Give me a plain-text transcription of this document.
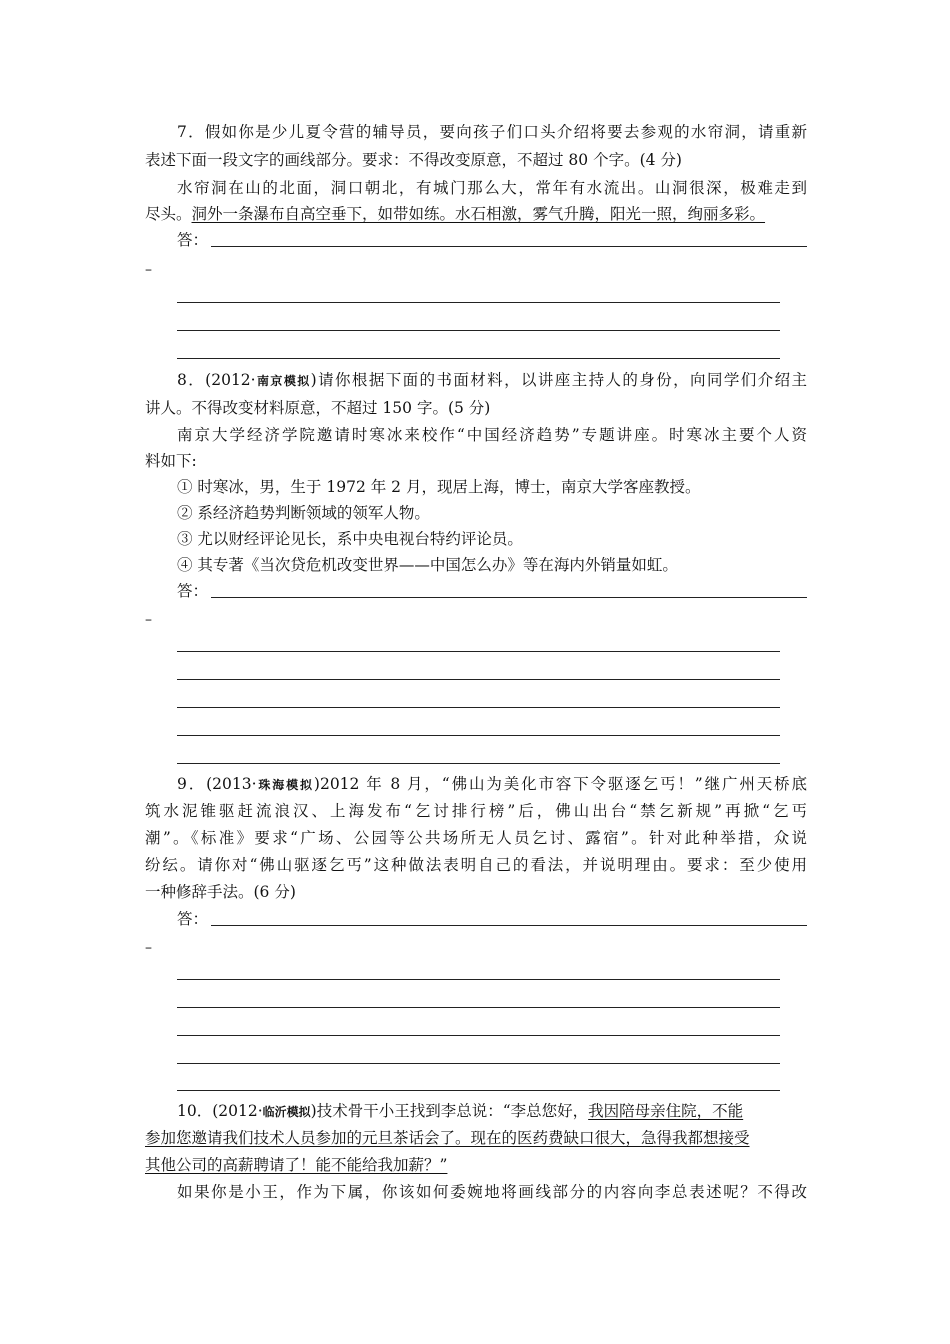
7．假如你是少儿夏令营的辅导员，要向孩子们口头介绍将要去参观的水帘洞，请重新
表述下面一段文字的画线部分。要求：不得改变原意，不超过 80 个字。(4 分)
水帘洞在山的北面，洞口朝北，有城门那么大，常年有水流出。山洞很深，极难走到
尽头。洞外一条瀑布自高空垂下，如带如练。水石相激，雾气升腾，阳光一照，绚丽多彩。
答：
–
8．(2012·南京模拟)请你根据下面的书面材料，以讲座主持人的身份，向同学们介绍主
讲人。不得改变材料原意，不超过 150 字。(5 分)
南京大学经济学院邀请时寒冰来校作“中国经济趋势”专题讲座。时寒冰主要个人资
料如下:
① 时寒冰，男，生于 1972 年 2 月，现居上海，博士，南京大学客座教授。
② 系经济趋势判断领域的领军人物。
③ 尤以财经评论见长，系中央电视台特约评论员。
④ 其专著《当次贷危机改变世界——中国怎么办》等在海内外销量如虹。
答：
–
9．(2013·珠海模拟)2012 年 8 月，“佛山为美化市容下令驱逐乞丐！”继广州天桥底
筑水泥锥驱赶流浪汉、上海发布“乞讨排行榜”后，佛山出台“禁乞新规”再掀“乞丐
潮”。《标准》要求“广场、公园等公共场所无人员乞讨、露宿”。针对此种举措，众说
纷纭。请你对“佛山驱逐乞丐”这种做法表明自己的看法，并说明理由。要求：至少使用
一种修辞手法。(6 分)
答：
–
10．(2012·临沂模拟)技术骨干小王找到李总说：“李总您好，我因陪母亲住院，不能
参加您邀请我们技术人员参加的元旦茶话会了。现在的医药费缺口很大，急得我都想接受
其他公司的高薪聘请了！能不能给我加薪？”
如果你是小王，作为下属，你该如何委婉地将画线部分的内容向李总表述呢？不得改
